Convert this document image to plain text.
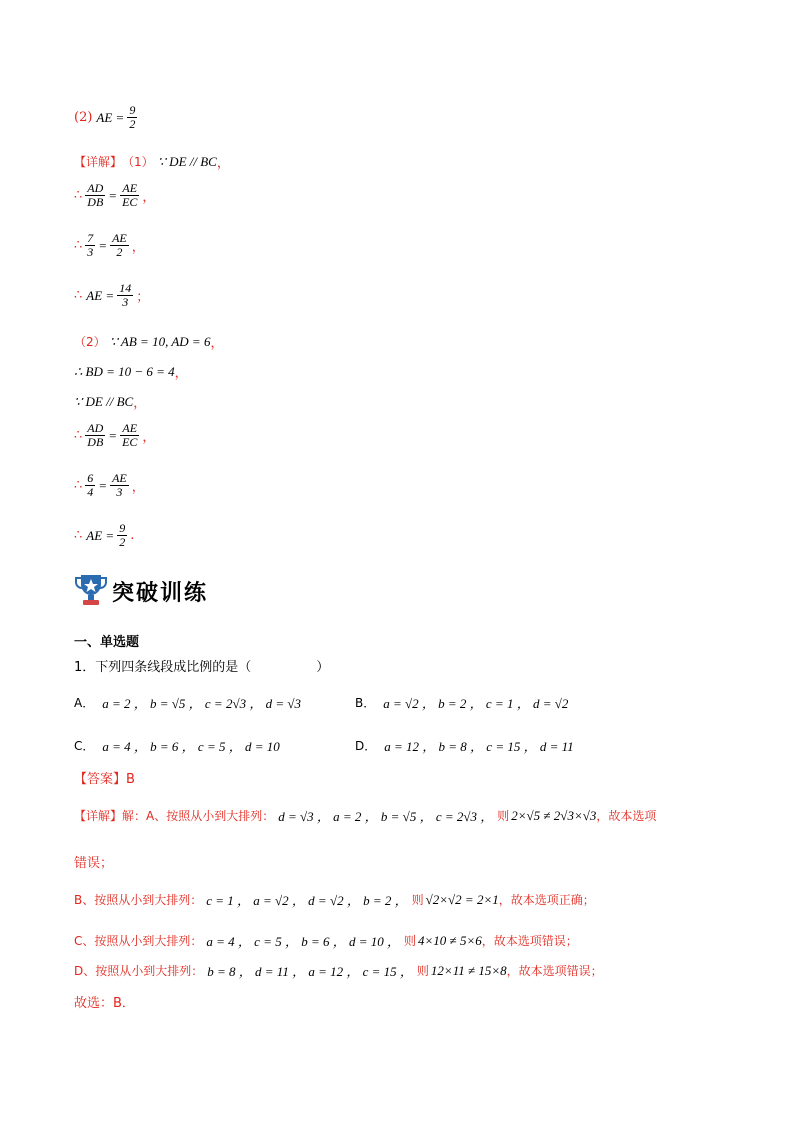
(2) AE = $\frac{9}{2}$
【详解】 （1） ∵ DE // BC ，
∴ $\frac{AD}{DB} = \frac{AE}{EC}$ ，
∴ $\frac{7}{3} = \frac{AE}{2}$ ，
∴ AE = $\frac{14}{3}$ ；
（2） ∵ AB = 10, AD = 6 ，
∴ BD = 10 − 6 = 4 ，
∵ DE // BC ，
∴ $\frac{AD}{DB} = \frac{AE}{EC}$ ，
∴ $\frac{6}{4} = \frac{AE}{3}$ ，
∴ AE = $\frac{9}{2}$ .
突破训练
一、单选题
1．下列四条线段成比例的是（　　　　　）
A． a = 2 ， b = √5 ， c = 2√3 ， d = √3	B． a = √2 ， b = 2 ， c = 1 ， d = √2
C． a = 4 ， b = 6 ， c = 5 ， d = 10	D． a = 12 ， b = 8 ， c = 15 ， d = 11
【答案】B
【详解】 解：A、按照从小到大排列： d = √3 ， a = 2 ， b = √5 ， c = 2√3 ， 则 2×√5 ≠ 2√3×√3 ，故本选项
错误；
B、按照从小到大排列： c = 1 ， a = √2 ， d = √2 ， b = 2 ， 则 √2×√2 = 2×1 ，故本选项正确；
C、按照从小到大排列： a = 4 ， c = 5 ， b = 6 ， d = 10 ， 则 4×10 ≠ 5×6 ，故本选项错误；
D、按照从小到大排列： b = 8 ， d = 11 ， a = 12 ， c = 15 ， 则 12×11 ≠ 15×8 ，故本选项错误；
故选：B．
